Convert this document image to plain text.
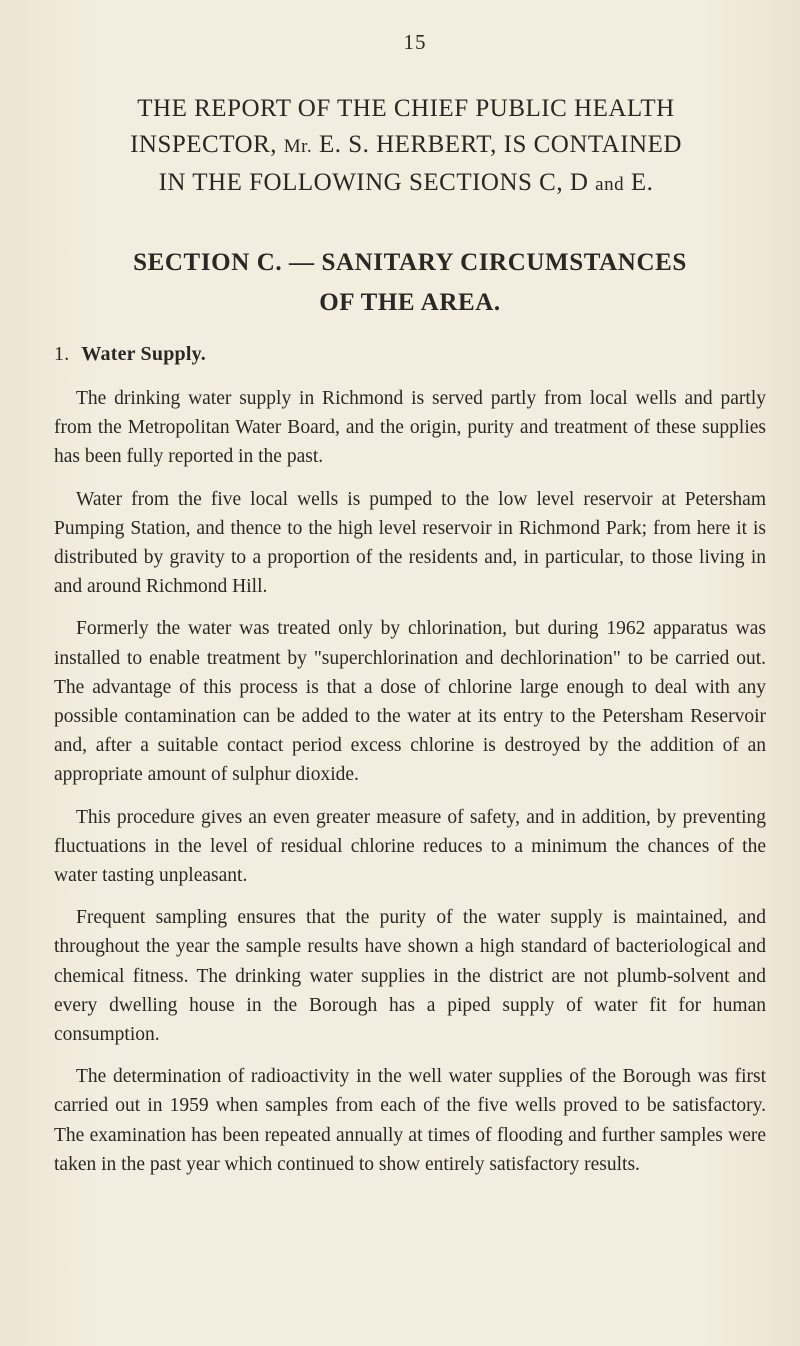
15
THE REPORT OF THE CHIEF PUBLIC HEALTH
INSPECTOR, Mr. E. S. HERBERT, IS CONTAINED
IN THE FOLLOWING SECTIONS C, D and E.
SECTION C. — SANITARY CIRCUMSTANCES
OF THE AREA.
1. Water Supply.

The drinking water supply in Richmond is served partly from local wells and partly from the Metropolitan Water Board, and the origin, purity and treatment of these supplies has been fully reported in the past.

Water from the five local wells is pumped to the low level reservoir at Petersham Pumping Station, and thence to the high level reservoir in Richmond Park; from here it is distributed by gravity to a proportion of the residents and, in particular, to those living in and around Richmond Hill.

Formerly the water was treated only by chlorination, but during 1962 apparatus was installed to enable treatment by "superchlorination and dechlorination" to be carried out. The advantage of this process is that a dose of chlorine large enough to deal with any possible contamination can be added to the water at its entry to the Petersham Reservoir and, after a suitable contact period excess chlorine is destroyed by the addition of an appropriate amount of sulphur dioxide.

This procedure gives an even greater measure of safety, and in addition, by preventing fluctuations in the level of residual chlorine reduces to a minimum the chances of the water tasting unpleasant.

Frequent sampling ensures that the purity of the water supply is maintained, and throughout the year the sample results have shown a high standard of bacteriological and chemical fitness. The drinking water supplies in the district are not plumb-solvent and every dwelling house in the Borough has a piped supply of water fit for human consumption.

The determination of radioactivity in the well water supplies of the Borough was first carried out in 1959 when samples from each of the five wells proved to be satisfactory. The examination has been repeated annually at times of flooding and further samples were taken in the past year which continued to show entirely satisfactory results.
